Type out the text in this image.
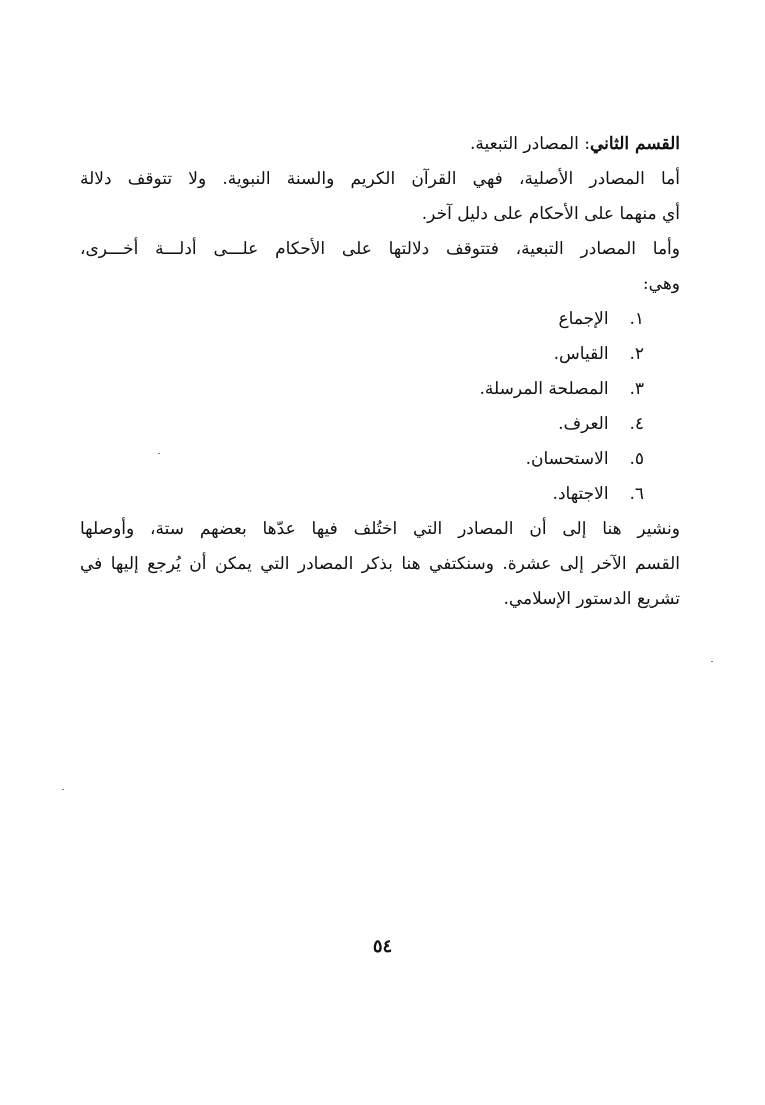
القسم الثاني: المصادر التبعية.

أما المصادر الأصلية، فهي القرآن الكريم والسنة النبوية. ولا تتوقف دلالة

أي منهما على الأحكام على دليل آخر.

وأما المصادر التبعية، فتتوقف دلالتها على الأحكام علـــى أدلـــة أخـــرى،

وهي:

١. الإجماع
٢. القياس.
٣. المصلحة المرسلة.
٤. العرف.
٥. الاستحسان.
٦. الاجتهاد.

ونشير هنا إلى أن المصادر التي اختُلف فيها عدّها بعضهم ستة، وأوصلها

القسم الآخر إلى عشرة. وسنكتفي هنا بذكر المصادر التي يمكن أن يُرجع إليها في

تشريع الدستور الإسلامي.

٥٤
